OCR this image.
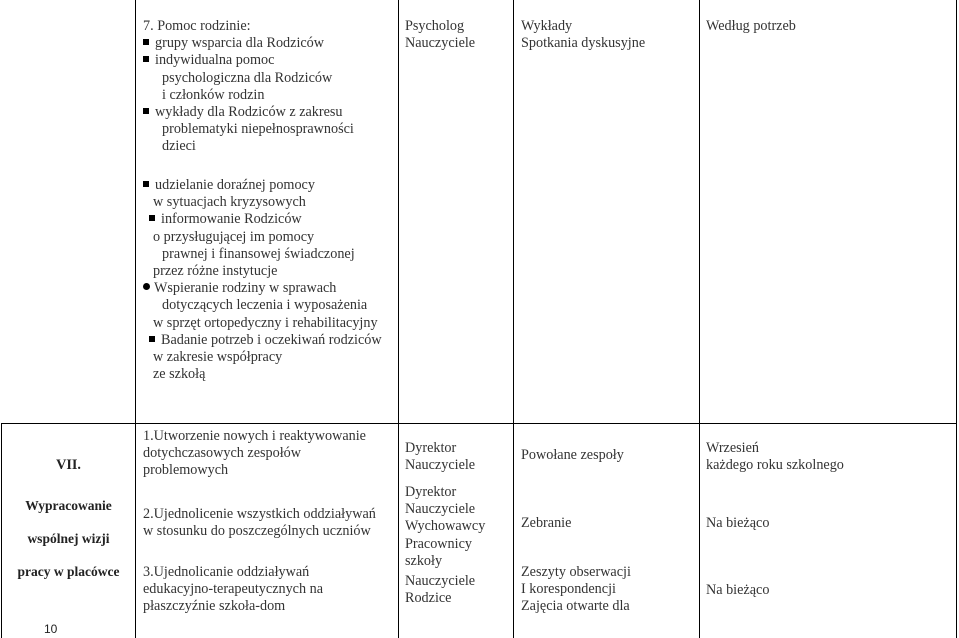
7. Pomoc rodzinie:
grupy wsparcia dla Rodziców
indywidualna pomoc
psychologiczna dla Rodziców
i członków rodzin
wykłady dla Rodziców z zakresu
problematyki niepełnosprawności
dzieci
udzielanie doraźnej pomocy
w sytuacjach kryzysowych
informowanie Rodziców
o przysługującej im pomocy
prawnej i finansowej świadczonej
przez różne instytucje
Wspieranie rodziny w sprawach
dotyczących leczenia i wyposażenia
w sprzęt ortopedyczny i rehabilitacyjny
Badanie potrzeb i oczekiwań rodziców
w zakresie współpracy
ze szkołą
Psycholog
Nauczyciele
Wykłady
Spotkania dyskusyjne
Według potrzeb
VII.
Wypracowanie
wspólnej wizji
pracy w placówce
1.Utworzenie nowych i reaktywowanie
dotychczasowych zespołów
problemowych
Dyrektor
Nauczyciele
Powołane zespoły	Wrzesień
każdego roku szkolnego
2.Ujednolicenie wszystkich oddziaływań
w stosunku do poszczególnych uczniów
Dyrektor
Nauczyciele
Wychowawcy
Pracownicy
szkoły
Zebranie	Na bieżąco
3.Ujednolicanie oddziaływań
edukacyjno-terapeutycznych na
płaszczyźnie szkoła-dom
Nauczyciele
Rodzice
Zeszyty obserwacji
I korespondencji
Zajęcia otwarte dla
Na bieżąco
10
